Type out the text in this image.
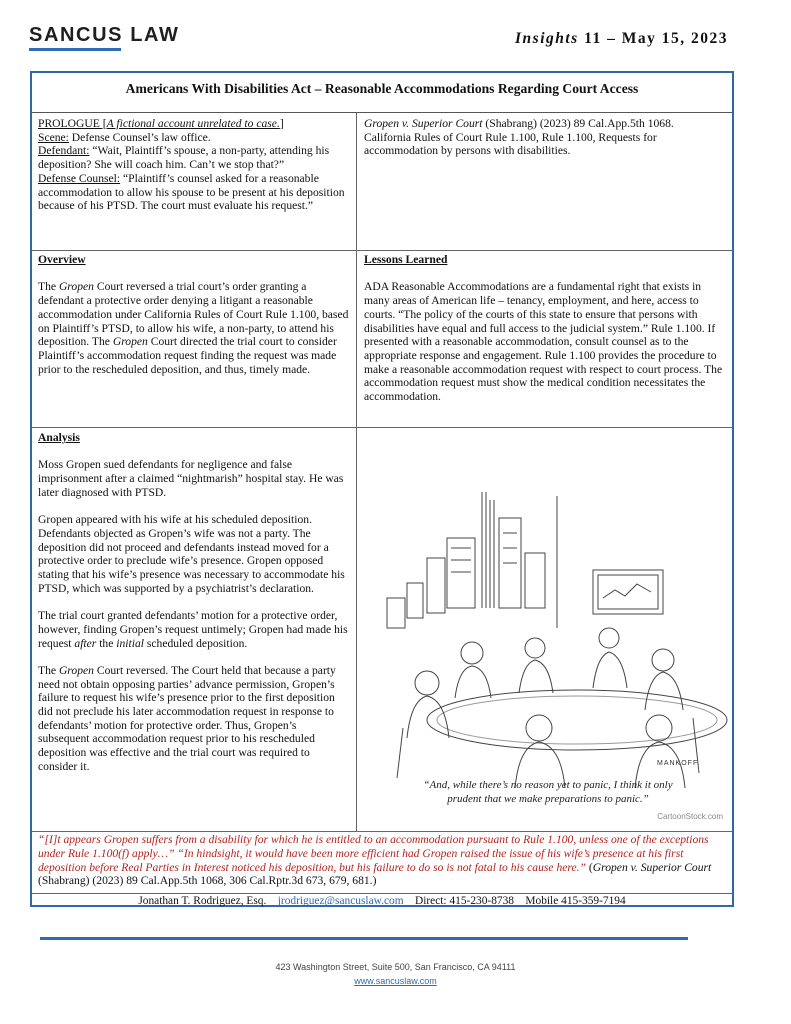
SANCUS LAW	Insights 11 – May 15, 2023
Americans With Disabilities Act – Reasonable Accommodations Regarding Court Access
PROLOGUE [A fictional account unrelated to case.]
Scene: Defense Counsel’s law office.
Defendant: “Wait, Plaintiff’s spouse, a non-party, attending his deposition? She will coach him. Can’t we stop that?”
Defense Counsel: “Plaintiff’s counsel asked for a reasonable accommodation to allow his spouse to be present at his deposition because of his PTSD. The court must evaluate his request.”
Gropen v. Superior Court (Shabrang) (2023) 89 Cal.App.5th 1068.
California Rules of Court Rule 1.100, Rule 1.100, Requests for accommodation by persons with disabilities.
Overview

The Gropen Court reversed a trial court’s order granting a defendant a protective order denying a litigant a reasonable accommodation under California Rules of Court Rule 1.100, based on Plaintiff’s PTSD, to allow his wife, a non-party, to attend his deposition. The Gropen Court directed the trial court to consider Plaintiff’s accommodation request finding the request was made prior to the rescheduled deposition, and thus, timely made.

Lessons Learned

ADA Reasonable Accommodations are a fundamental right that exists in many areas of American life – tenancy, employment, and here, access to courts. “The policy of the courts of this state to ensure that persons with disabilities have equal and full access to the judicial system.” Rule 1.100. If presented with a reasonable accommodation, consult counsel as to the appropriate response and engagement. Rule 1.100 provides the procedure to make a reasonable accommodation request with respect to court process. The accommodation request must show the medical condition necessitates the accommodation.

Analysis

Moss Gropen sued defendants for negligence and false imprisonment after a claimed “nightmarish” hospital stay. He was later diagnosed with PTSD.

Gropen appeared with his wife at his scheduled deposition. Defendants objected as Gropen’s wife was not a party. The deposition did not proceed and defendants instead moved for a protective order to preclude wife’s presence. Gropen opposed stating that his wife’s presence was necessary to accommodate his PTSD, which was supported by a psychiatrist’s declaration.

The trial court granted defendants’ motion for a protective order, however, finding Gropen’s request untimely; Gropen had made his request after the initial scheduled deposition.

The Gropen Court reversed. The Court held that because a party need not obtain opposing parties’ advance permission, Gropen’s failure to request his wife’s presence prior to the first deposition did not preclude his later accommodation request in response to defendants’ motion for protective order. Thus, Gropen’s subsequent accommodation request prior to his rescheduled deposition was effective and the trial court was required to consider it.	MANKOFF
“And, while there’s no reason yet to panic, I think it only
prudent that we make preparations to panic.”
CartoonStock.com
“[I]t appears Gropen suffers from a disability for which he is entitled to an accommodation pursuant to Rule 1.100, unless one of the exceptions under Rule 1.100(f) apply…” “In hindsight, it would have been more efficient had Gropen raised the issue of his wife’s presence at his first deposition before Real Parties in Interest noticed his deposition, but his failure to do so is not fatal to his cause here.” (Gropen v. Superior Court (Shabrang) (2023) 89 Cal.App.5th 1068, 306 Cal.Rptr.3d 673, 679, 681.)
Jonathan T. Rodriguez, Esq. jrodriguez@sancuslaw.com Direct: 415-230-8738 Mobile 415-359-7194
423 Washington Street, Suite 500, San Francisco, CA 94111
www.sancuslaw.com
